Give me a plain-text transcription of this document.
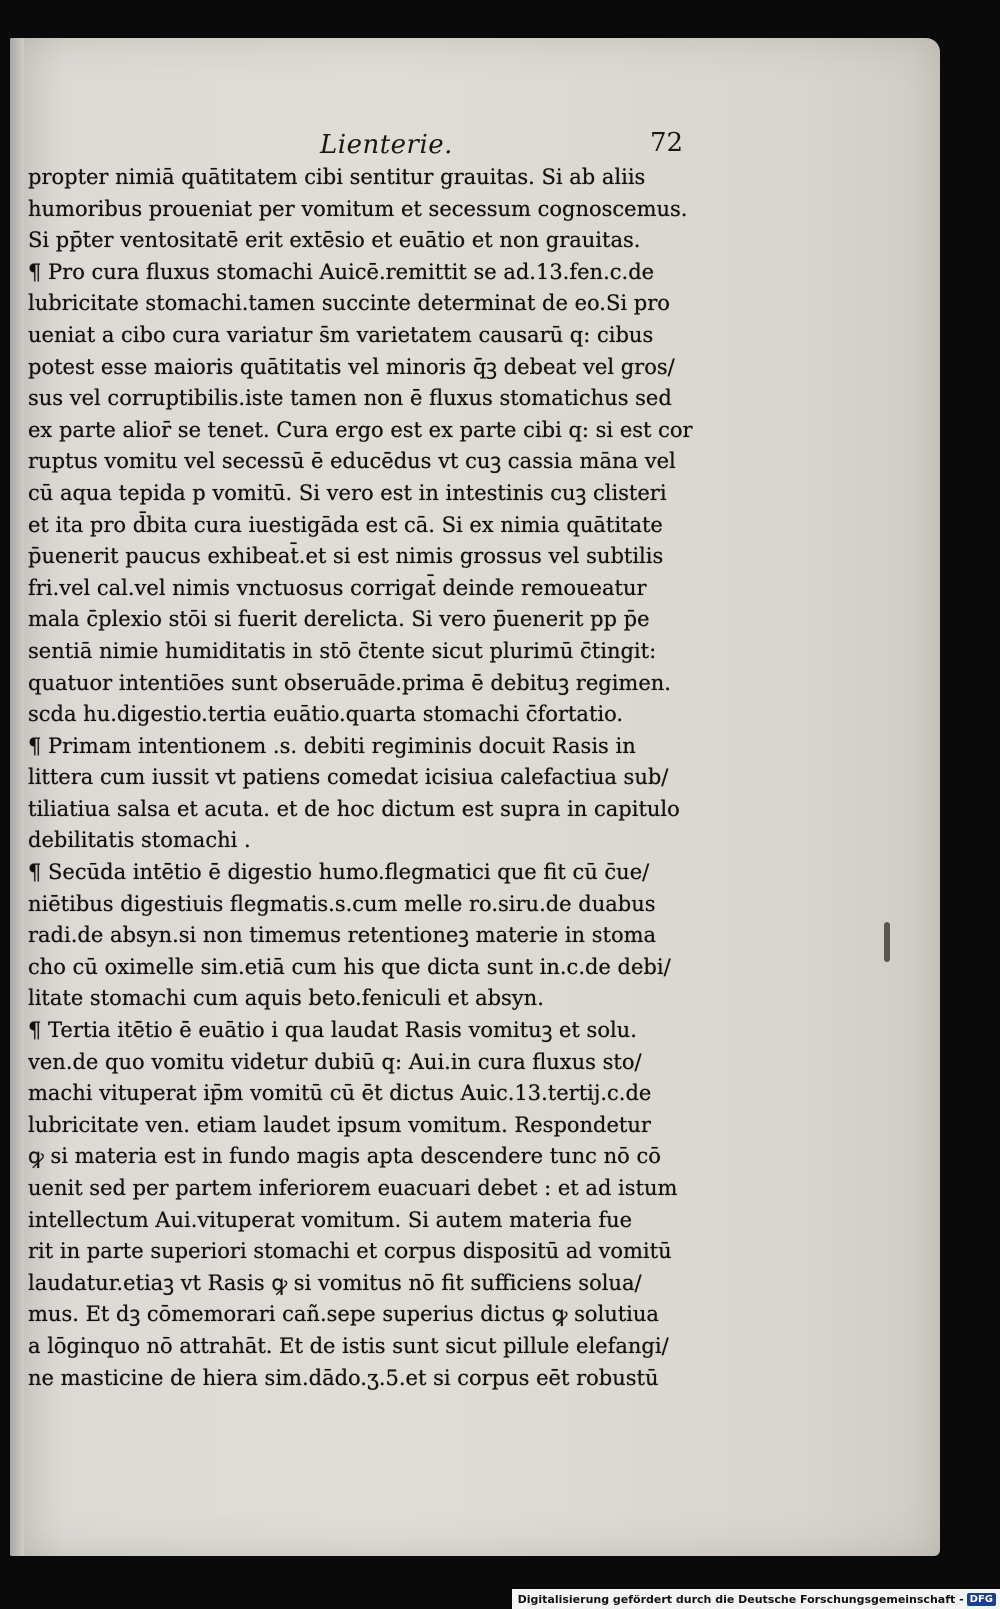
Lienterie.	72
propter nimiā quātitatem cibi sentitur grauitas. Si ab aliis
humoribus proueniat per vomitum et secessum cognoscemus.
Si pp̄ter ventositatē erit extēsio et euātio et non grauitas.
¶ Pro cura fluxus stomachi Auicē.remittit se ad.13.fen.c.de
lubricitate stomachi.tamen succinte determinat de eo.Si pro
ueniat a cibo cura variatur s̄m varietatem causarū q: cibus
potest esse maioris quātitatis vel minoris q̄ꝫ debeat vel gros/
sus vel corruptibilis.iste tamen non ē fluxus stomatichus sed
ex parte alior̄ se tenet. Cura ergo est ex parte cibi q: si est cor
ruptus vomitu vel secessū ē educēdus vt cuꝫ cassia māna vel
cū aqua tepida p vomitū. Si vero est in intestinis cuꝫ clisteri
et ita pro d̄bita cura iuestigāda est cā. Si ex nimia quātitate
p̄uenerit paucus exhibeat̄.et si est nimis grossus vel subtilis
fri.vel cal.vel nimis vnctuosus corrigat̄ deinde remoueatur
mala c̄plexio stōi si fuerit derelicta. Si vero p̄uenerit pp p̄e
sentiā nimie humiditatis in stō c̄tente sicut plurimū c̄tingit:
quatuor intentiōes sunt obseruāde.prima ē debituꝫ regimen.
scda hu.digestio.tertia euātio.quarta stomachi c̄fortatio.
¶ Primam intentionem .s. debiti regiminis docuit Rasis in
littera cum iussit vt patiens comedat icisiua calefactiua sub/
tiliatiua salsa et acuta. et de hoc dictum est supra in capitulo
debilitatis stomachi .
¶ Secūda intētio ē digestio humo.flegmatici que fit cū c̄ue/
niētibus digestiuis flegmatis.s.cum melle ro.siru.de duabus
radi.de absyn.si non timemus retentioneꝫ materie in stoma
cho cū oximelle sim.etiā cum his que dicta sunt in.c.de debi/
litate stomachi cum aquis beto.feniculi et absyn.
¶ Tertia itētio ē euātio i qua laudat Rasis vomituꝫ et solu.
ven.de quo vomitu videtur dubiū q: Aui.in cura fluxus sto/
machi vituperat ip̄m vomitū cū ēt dictus Auic.13.tertij.c.de
lubricitate ven. etiam laudet ipsum vomitum. Respondetur
ꝙ si materia est in fundo magis apta descendere tunc nō cō
uenit sed per partem inferiorem euacuari debet : et ad istum
intellectum Aui.vituperat vomitum. Si autem materia fue
rit in parte superiori stomachi et corpus dispositū ad vomitū
laudatur.etiaꝫ vt Rasis ꝙ si vomitus nō fit sufficiens solua/
mus. Et dꝫ cōmemorari cañ.sepe superius dictus ꝙ solutiua
a lōginquo nō attrahāt. Et de istis sunt sicut pillule elefangi/
ne masticine de hiera sim.dādo.ʒ.5.et si corpus eēt robustū
Digitalisierung gefördert durch die Deutsche Forschungsgemeinschaft - DFG
